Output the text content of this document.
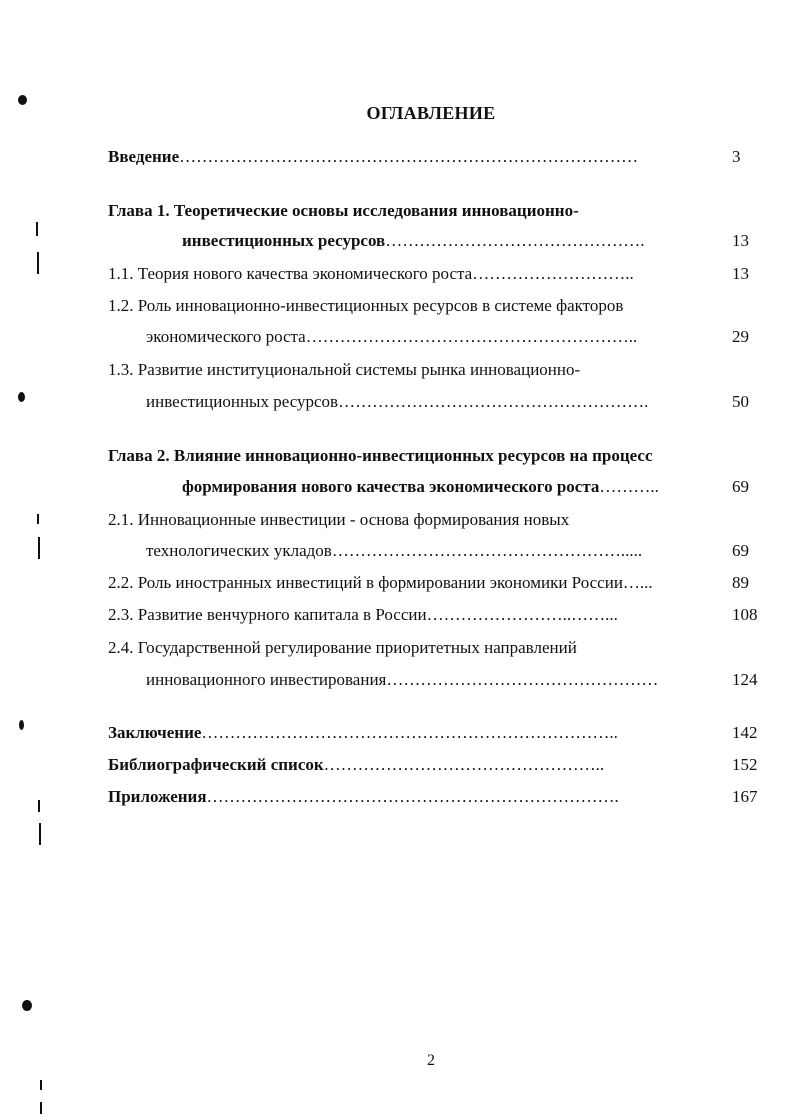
ОГЛАВЛЕНИЕ
Введение………………………………………………………………………	3
Глава 1. Теоретические основы исследования инновационно-
инвестиционных ресурсов……………………………………….	13
1.1. Теория нового качества экономического роста………………………..	13
1.2. Роль инновационно-инвестиционных ресурсов в системе факторов
экономического роста…………………………………………………..	29
1.3. Развитие институциональной системы рынка инновационно-
инвестиционных ресурсов……………………………………………….	50
Глава 2. Влияние инновационно-инвестиционных ресурсов на процесс
формирования нового качества экономического роста………..	69
2.1. Инновационные инвестиции - основа формирования новых
технологических укладов…………………………………………….....	69
2.2. Роль иностранных инвестиций в формировании экономики России…...	89
2.3. Развитие венчурного капитала в России……………………..……...	108
2.4. Государственной регулирование приоритетных направлений
инновационного инвестирования…………………………………………	124
Заключение………………………………………………………………..	142
Библиографический список…………………………………………..	152
Приложения……………………………………………………………….	167
2
